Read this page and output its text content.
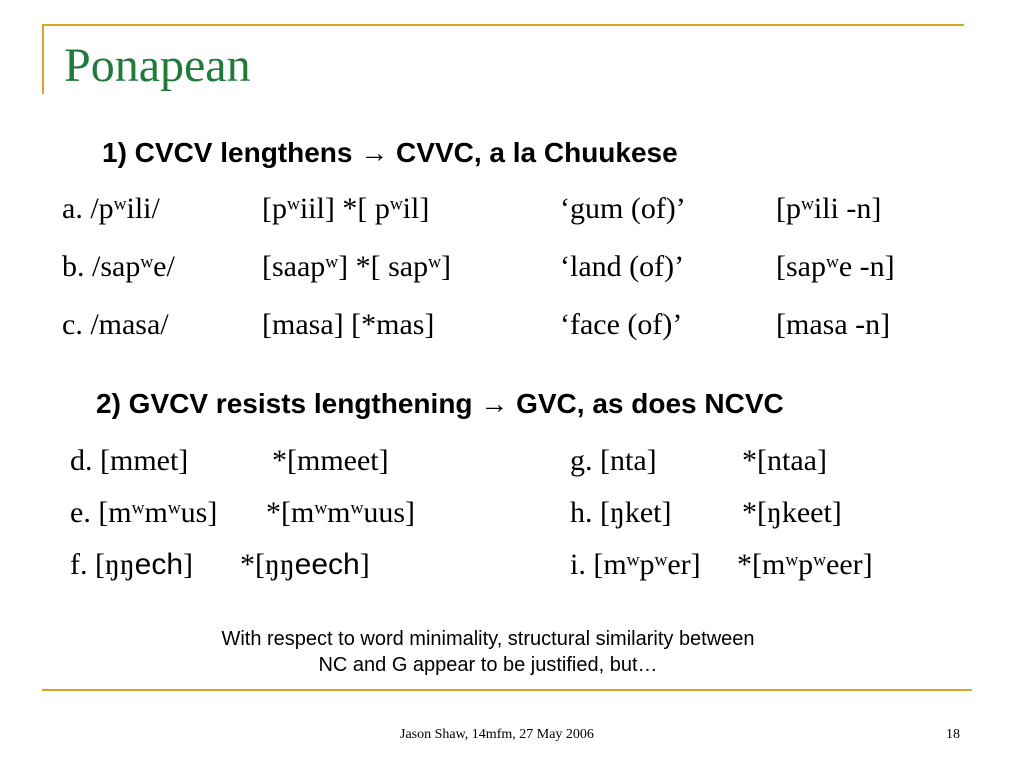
Ponapean
1) CVCV lengthens → CVVC, a la Chuukese
a. /pʷili/	[pʷiil] *[ pʷil]	‘gum (of)’	[pʷili -n]
b. /sapʷe/	[saapʷ] *[ sapʷ]	‘land (of)’	[sapʷe -n]
c. /masa/	[masa] [*mas]	‘face (of)’	[masa -n]
2) GVCV resists lengthening → GVC, as does NCVC
d. [mmet]	*[mmeet]	g. [nta]	*[ntaa]
e. [mʷmʷus] *[mʷmʷuus]	h. [ŋket] *[ŋkeet]
f. [ŋŋech] *[ŋŋeech]	i. [mʷpʷer] *[mʷpʷeer]
With respect to word minimality, structural similarity between
NC and G appear to be justified, but…
Jason Shaw, 14mfm, 27 May 2006	18
